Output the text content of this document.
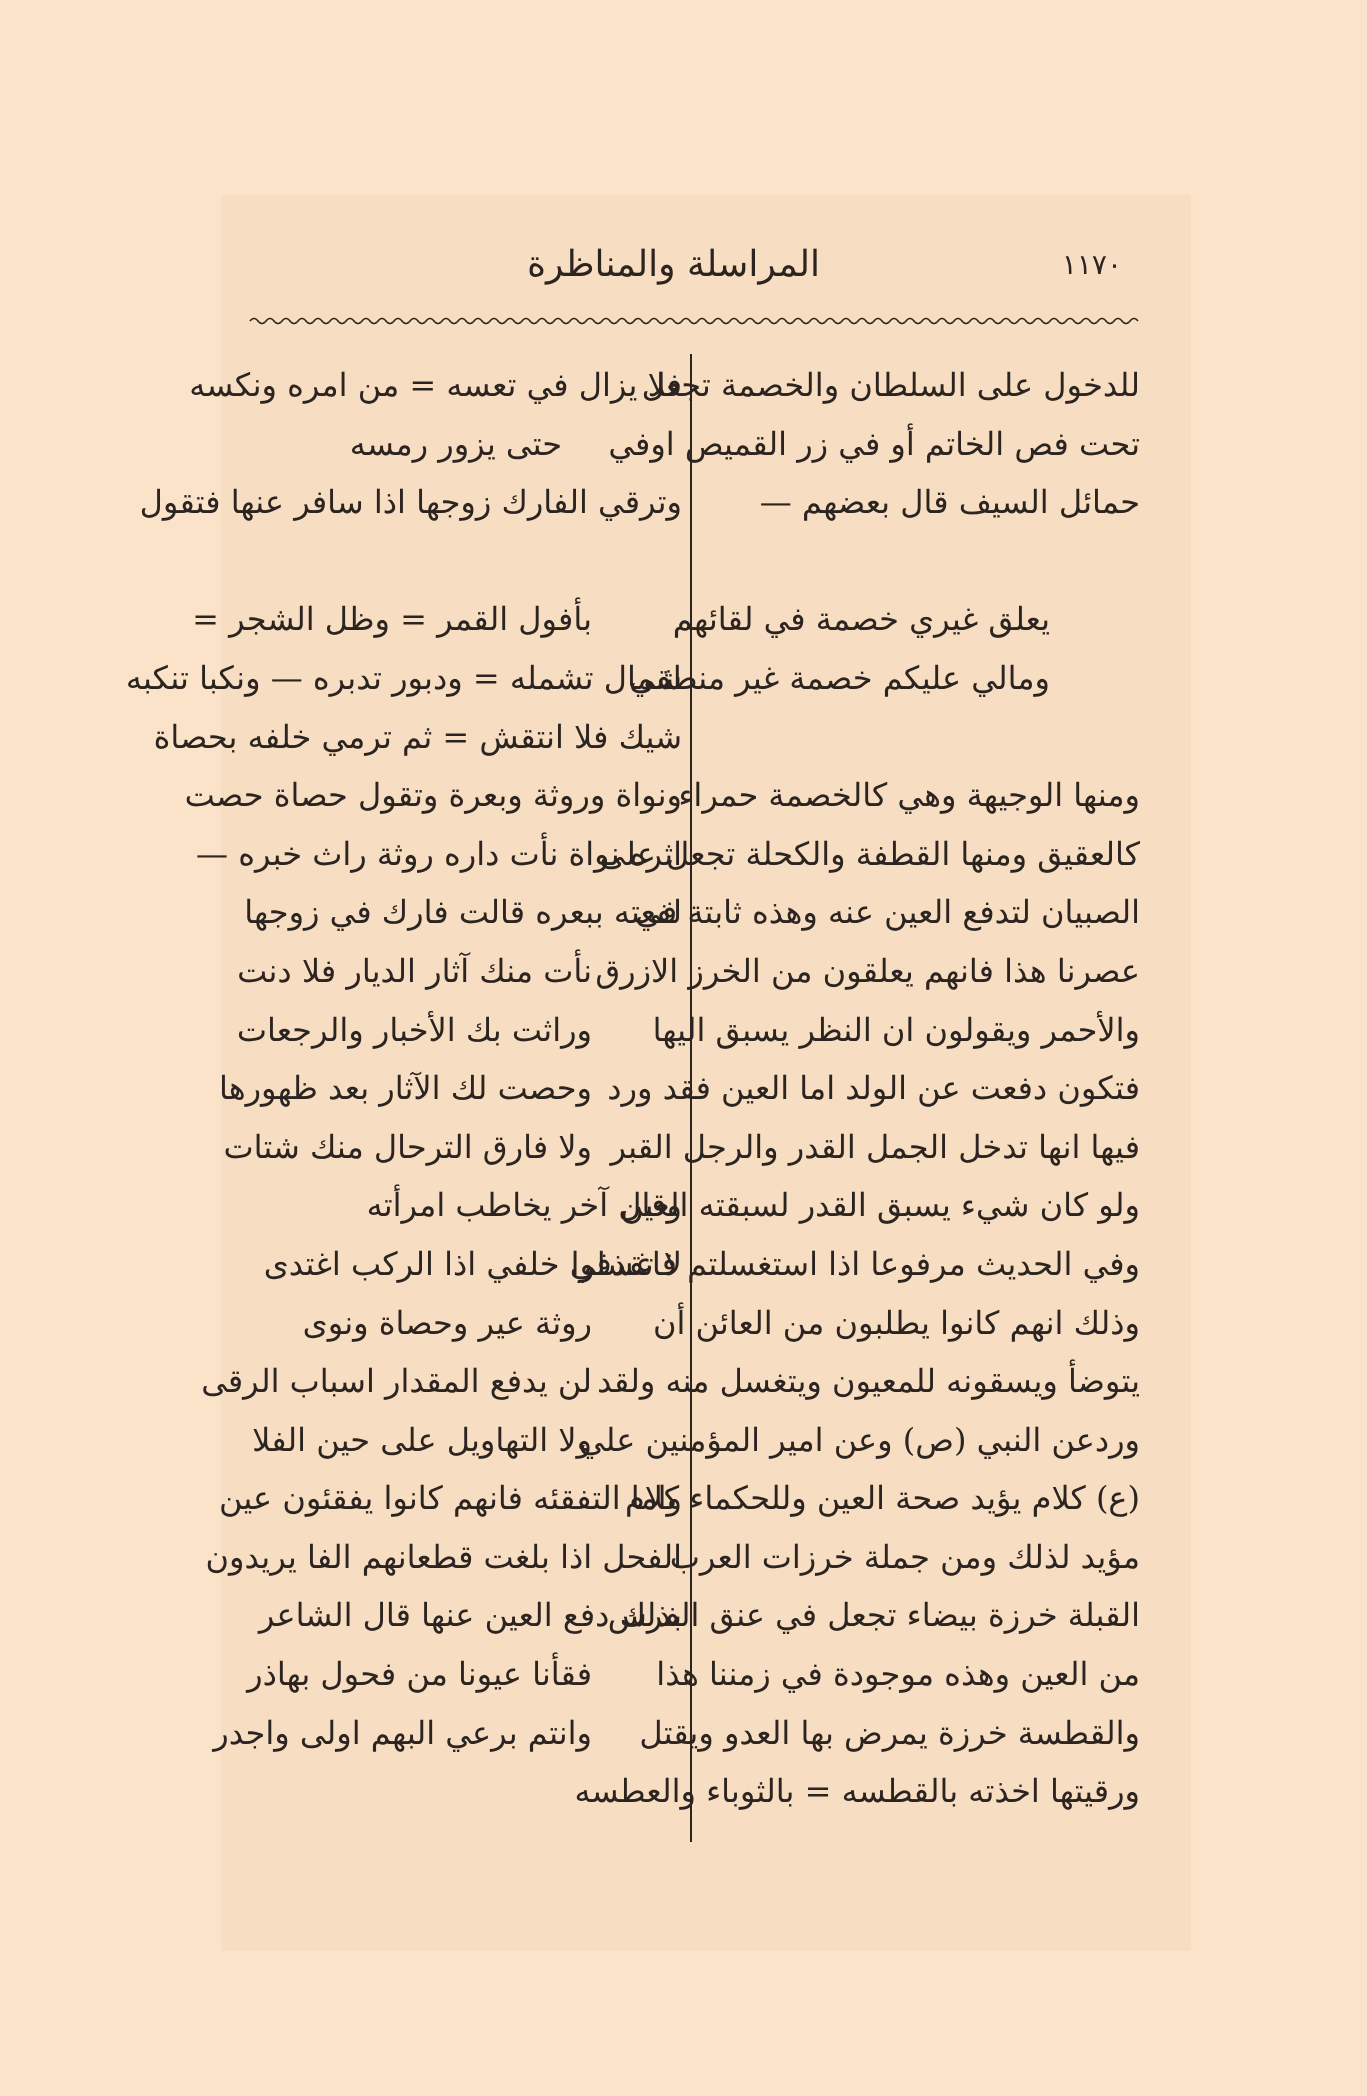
١١٧٠
المراسلة والمناظرة
للدخول على السلطان والخصمة تجعل
تحت فص الخاتم أو في زر القميص اوفي
حمائل السيف قال بعضهم —
يعلق غيري خصمة في لقائهم
ومالي عليكم خصمة غير منطقي
ومنها الوجيهة وهي كالخصمة حمراء
كالعقيق ومنها القطفة والكحلة تجعل على
الصبيان لتدفع العين عنه وهذه ثابتة في
عصرنا هذا فانهم يعلقون من الخرز الازرق
والأحمر ويقولون ان النظر يسبق اليها
فتكون دفعت عن الولد اما العين فقد ورد
فيها انها تدخل الجمل القدر والرجل القبر
ولو كان شيء يسبق القدر لسبقته العين
وفي الحديث مرفوعا اذا استغسلتم فاغسلوا
وذلك انهم كانوا يطلبون من العائن أن
يتوضأ ويسقونه للمعيون ويتغسل منه ولقد
وردعن النبي (ص) وعن امير المؤمنين علي
(ع) كلام يؤيد صحة العين وللحكماء كلام
مؤيد لذلك ومن جملة خرزات العرب
القبلة خرزة بيضاء تجعل في عنق الفرس
من العين وهذه موجودة في زمننا هذا
والقطسة خرزة يمرض بها العدو ويقتل
ورقيتها اخذته بالقطسه = بالثوباء والعطسه
فلا يزال في تعسه = من امره ونكسه
حتى يزور رمسه
وترقي الفارك زوجها اذا سافر عنها فتقول
بأفول القمر = وظل الشجر =
شمال تشمله = ودبور تدبره — ونكبا تنكبه
شيك فلا انتقش = ثم ترمي خلفه بحصاة
ونواة وروثة وبعرة وتقول حصاة حصت
اثره نواة نأت داره روثة راث خبره —
لفعته ببعره قالت فارك في زوجها
نأت منك آثار الديار فلا دنت
وراثت بك الأخبار والرجعات
وحصت لك الآثار بعد ظهورها
ولا فارق الترحال منك شتات
وقال آخر يخاطب امرأته
لا تقذفي خلفي اذا الركب اغتدى
روثة عير وحصاة ونوى
لن يدفع المقدار اسباب الرقى
ولا التهاويل على حين الفلا
واما التفقئه فانهم كانوا يفقئون عين
الفحل اذا بلغت قطعانهم الفا يريدون
بذلك دفع العين عنها قال الشاعر
فقأنا عيونا من فحول بهاذر
وانتم برعي البهم اولى واجدر
